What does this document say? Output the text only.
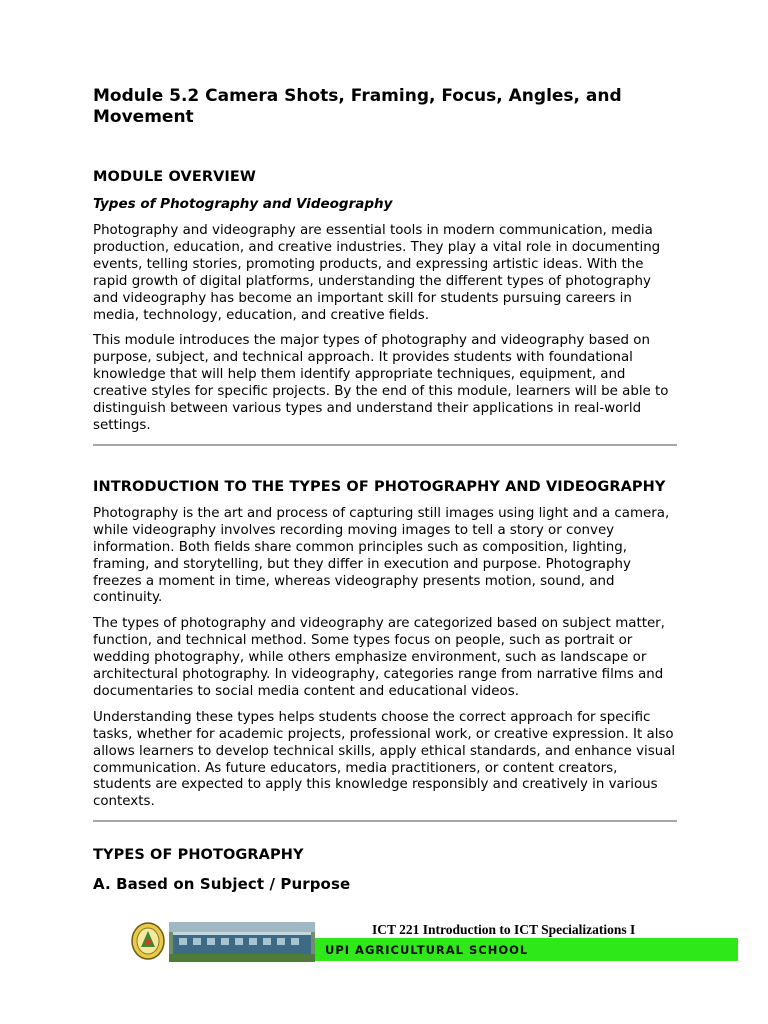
Module 5.2 Camera Shots, Framing, Focus, Angles, and Movement
MODULE OVERVIEW
Types of Photography and Videography

Photography and videography are essential tools in modern communication, media production, education, and creative industries. They play a vital role in documenting events, telling stories, promoting products, and expressing artistic ideas. With the rapid growth of digital platforms, understanding the different types of photography and videography has become an important skill for students pursuing careers in media, technology, education, and creative fields.

This module introduces the major types of photography and videography based on purpose, subject, and technical approach. It provides students with foundational knowledge that will help them identify appropriate techniques, equipment, and creative styles for specific projects. By the end of this module, learners will be able to distinguish between various types and understand their applications in real-world settings.

INTRODUCTION TO THE TYPES OF PHOTOGRAPHY AND VIDEOGRAPHY

Photography is the art and process of capturing still images using light and a camera, while videography involves recording moving images to tell a story or convey information. Both fields share common principles such as composition, lighting, framing, and storytelling, but they differ in execution and purpose. Photography freezes a moment in time, whereas videography presents motion, sound, and continuity.

The types of photography and videography are categorized based on subject matter, function, and technical method. Some types focus on people, such as portrait or wedding photography, while others emphasize environment, such as landscape or architectural photography. In videography, categories range from narrative films and documentaries to social media content and educational videos.

Understanding these types helps students choose the correct approach for specific tasks, whether for academic projects, professional work, or creative expression. It also allows learners to develop technical skills, apply ethical standards, and enhance visual communication. As future educators, media practitioners, or content creators, students are expected to apply this knowledge responsibly and creatively in various contexts.

TYPES OF PHOTOGRAPHY
A. Based on Subject / Purpose
ICT 221 Introduction to ICT Specializations I
UPI AGRICULTURAL SCHOOL
